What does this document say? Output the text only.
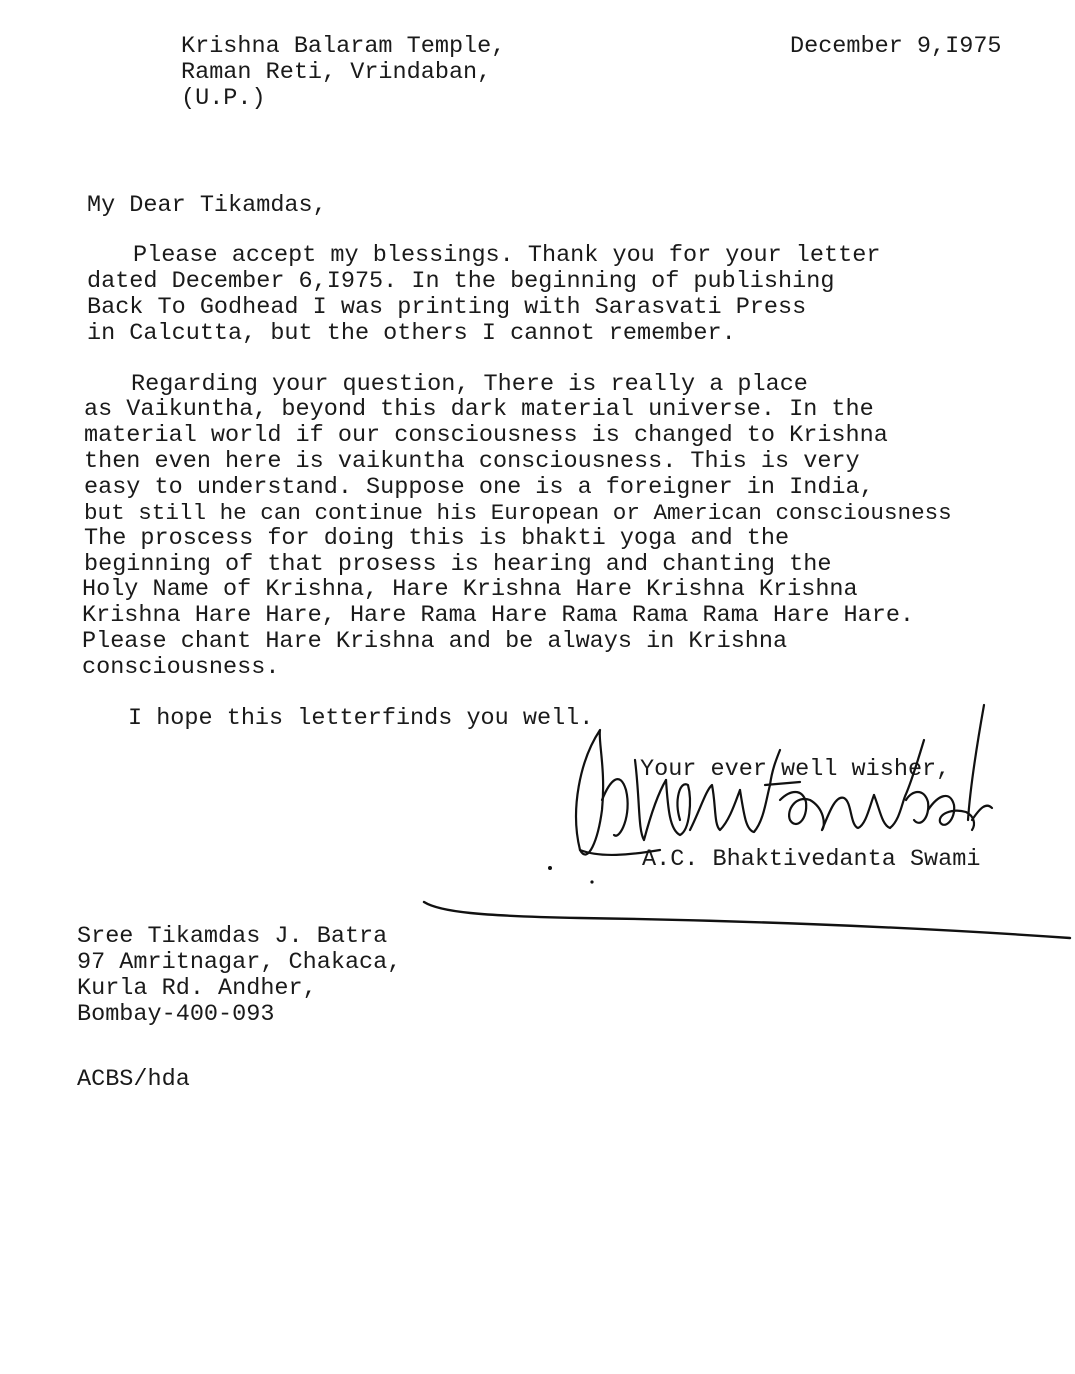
Krishna Balaram Temple,
Raman Reti, Vrindaban,
(U.P.)
December 9,I975
My Dear Tikamdas,
Please accept my blessings. Thank you for your letter
dated December 6,I975. In the beginning of publishing
Back To Godhead I was printing with Sarasvati Press
in Calcutta, but the others I cannot remember.
Regarding your question, There is really a place
as Vaikuntha, beyond this dark material universe. In the
material world if our consciousness is changed to Krishna
then even here is vaikuntha consciousness. This is very
easy to understand. Suppose one is a foreigner in India,
but still he can continue his European or American consciousness
The proscess for doing this is bhakti yoga and the
beginning of that prosess is hearing and chanting the
Holy Name of Krishna, Hare Krishna Hare Krishna Krishna
Krishna Hare Hare, Hare Rama Hare Rama Rama Rama Hare Hare.
Please chant Hare Krishna and be always in Krishna
consciousness.
I hope this letterfinds you well.
Your ever well wisher,
A.C. Bhaktivedanta Swami
Sree Tikamdas J. Batra
97 Amritnagar, Chakaca,
Kurla Rd. Andher,
Bombay-400-093
ACBS/hda
